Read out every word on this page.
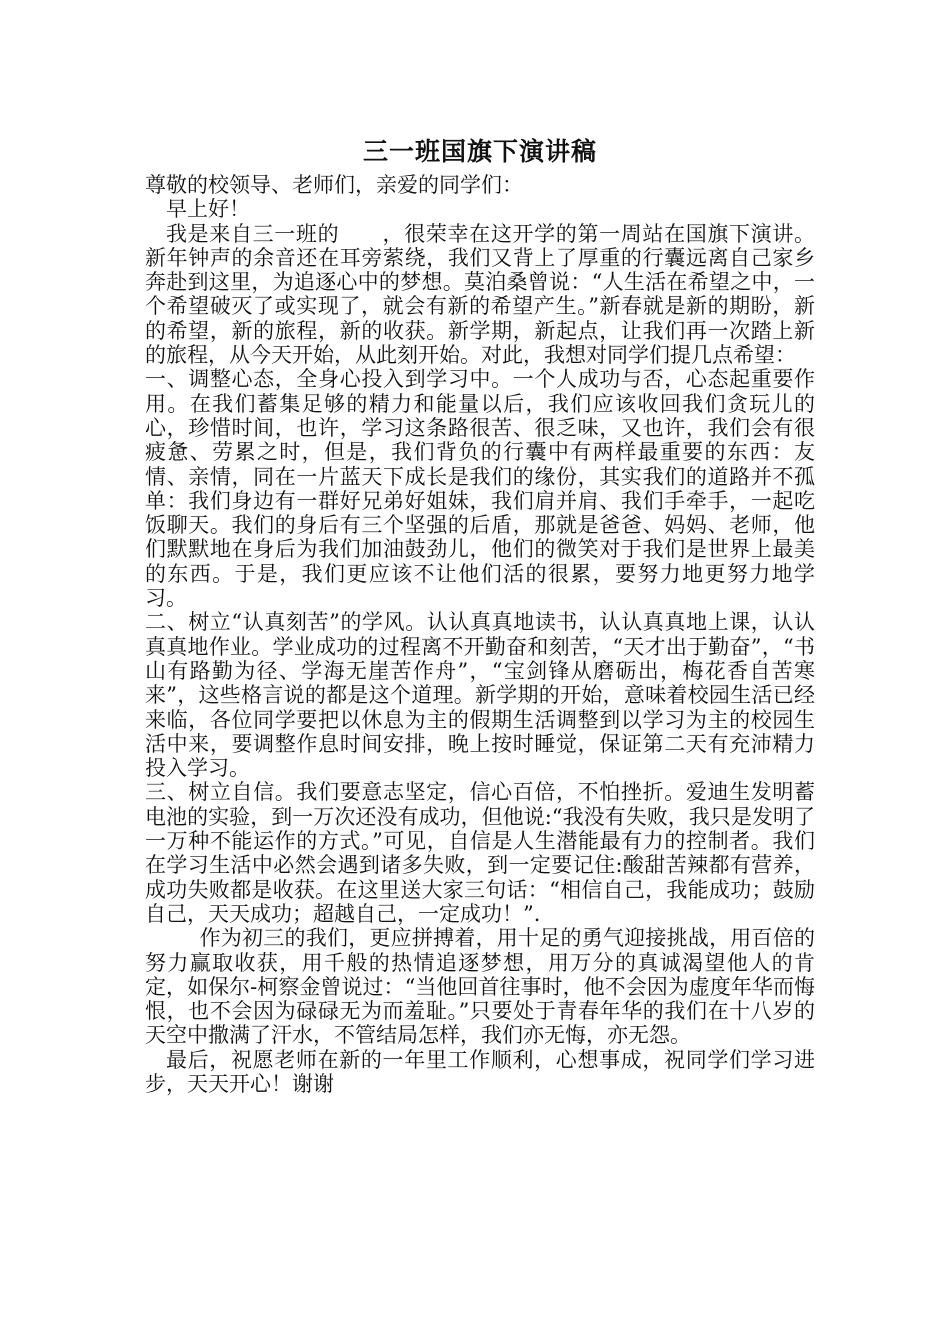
三一班国旗下演讲稿

尊敬的校领导、老师们，亲爱的同学们：

早上好！

我是来自三一班的　　，很荣幸在这开学的第一周站在国旗下演讲。新年钟声的余音还在耳旁萦绕，我们又背上了厚重的行囊远离自己家乡奔赴到这里，为追逐心中的梦想。莫泊桑曾说：“人生活在希望之中，一个希望破灭了或实现了，就会有新的希望产生。”新春就是新的期盼，新的希望，新的旅程，新的收获。新学期，新起点，让我们再一次踏上新的旅程，从今天开始，从此刻开始。对此，我想对同学们提几点希望：

一、调整心态，全身心投入到学习中。一个人成功与否，心态起重要作用。在我们蓄集足够的精力和能量以后，我们应该收回我们贪玩儿的心，珍惜时间，也许，学习这条路很苦、很乏味，又也许，我们会有很疲惫、劳累之时，但是，我们背负的行囊中有两样最重要的东西：友情、亲情，同在一片蓝天下成长是我们的缘份，其实我们的道路并不孤单：我们身边有一群好兄弟好姐妹，我们肩并肩、我们手牵手，一起吃饭聊天。我们的身后有三个坚强的后盾，那就是爸爸、妈妈、老师，他们默默地在身后为我们加油鼓劲儿，他们的微笑对于我们是世界上最美的东西。于是，我们更应该不让他们活的很累，要努力地更努力地学习。

二、树立“认真刻苦”的学风。认认真真地读书，认认真真地上课，认认真真地作业。学业成功的过程离不开勤奋和刻苦，“天才出于勤奋”，“书山有路勤为径、学海无崖苦作舟”，“宝剑锋从磨砺出，梅花香自苦寒来”，这些格言说的都是这个道理。新学期的开始，意味着校园生活已经来临，各位同学要把以休息为主的假期生活调整到以学习为主的校园生活中来，要调整作息时间安排，晚上按时睡觉，保证第二天有充沛精力投入学习。

三、树立自信。我们要意志坚定，信心百倍，不怕挫折。爱迪生发明蓄电池的实验，到一万次还没有成功，但他说:“我没有失败，我只是发明了一万种不能运作的方式。”可见，自信是人生潜能最有力的控制者。我们在学习生活中必然会遇到诸多失败，到一定要记住:酸甜苦辣都有营养，成功失败都是收获。在这里送大家三句话：“相信自己，我能成功；鼓励自己，天天成功；超越自己，一定成功！”.

作为初三的我们，更应拼搏着，用十足的勇气迎接挑战，用百倍的努力赢取收获，用千般的热情追逐梦想，用万分的真诚渴望他人的肯定，如保尔-柯察金曾说过：“当他回首往事时，他不会因为虚度年华而悔恨，也不会因为碌碌无为而羞耻。”只要处于青春年华的我们在十八岁的天空中撒满了汗水，不管结局怎样，我们亦无悔，亦无怨。

最后，祝愿老师在新的一年里工作顺利，心想事成，祝同学们学习进步，天天开心！谢谢
